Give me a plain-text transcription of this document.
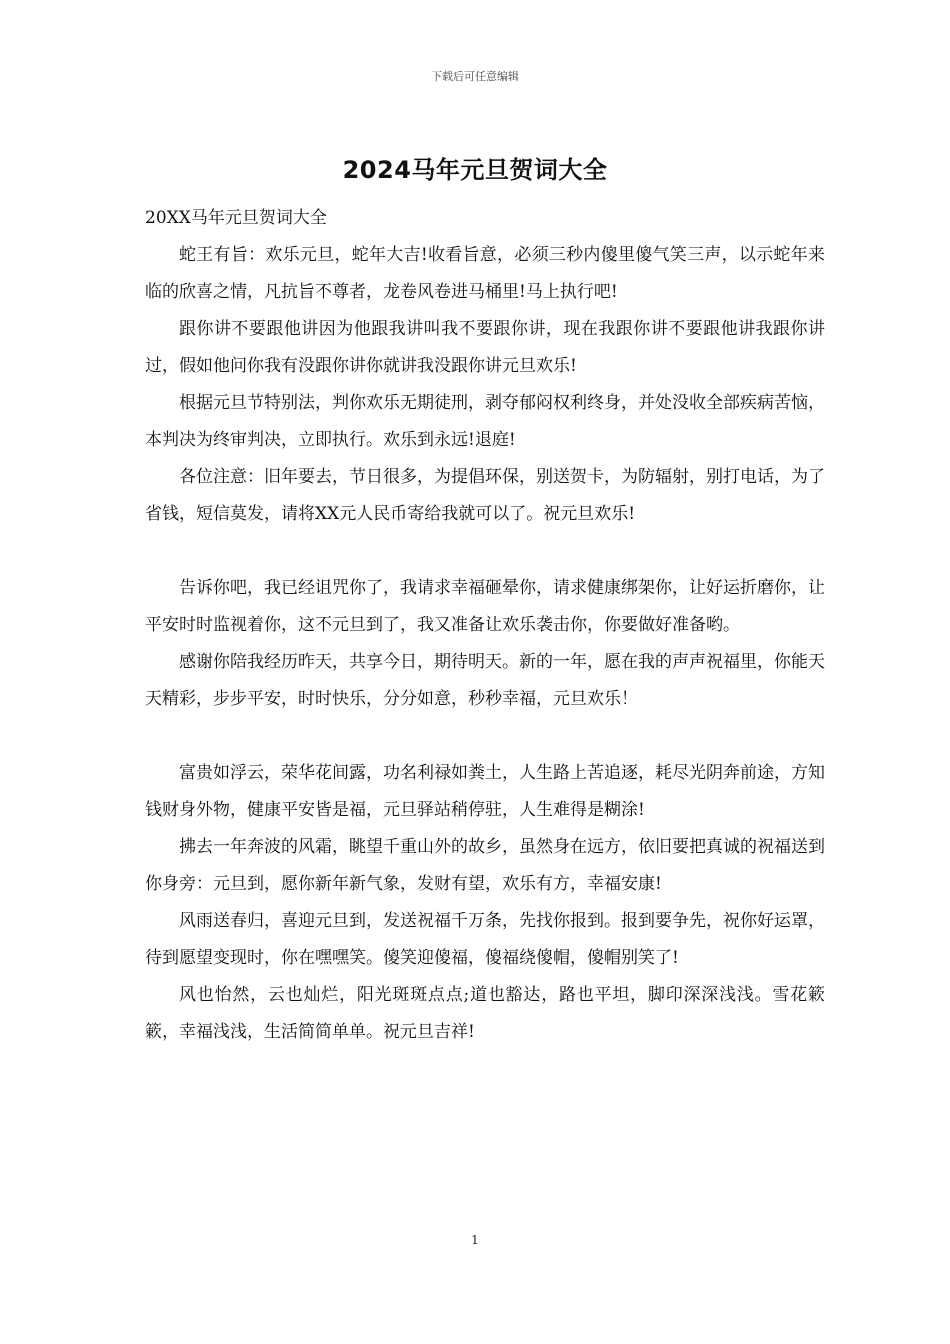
下载后可任意编辑
2024马年元旦贺词大全

20XX马年元旦贺词大全

蛇王有旨：欢乐元旦，蛇年大吉!收看旨意，必须三秒内傻里傻气笑三声，以示蛇年来临的欣喜之情，凡抗旨不尊者，龙卷风卷进马桶里!马上执行吧!

跟你讲不要跟他讲因为他跟我讲叫我不要跟你讲，现在我跟你讲不要跟他讲我跟你讲过，假如他问你我有没跟你讲你就讲我没跟你讲元旦欢乐!

根据元旦节特别法，判你欢乐无期徒刑，剥夺郁闷权利终身，并处没收全部疾病苦恼，本判决为终审判决，立即执行。欢乐到永远!退庭!

各位注意：旧年要去，节日很多，为提倡环保，别送贺卡，为防辐射，别打电话，为了省钱，短信莫发，请将XX元人民币寄给我就可以了。祝元旦欢乐!

告诉你吧，我已经诅咒你了，我请求幸福砸晕你，请求健康绑架你，让好运折磨你，让平安时时监视着你，这不元旦到了，我又准备让欢乐袭击你，你要做好准备哟。

感谢你陪我经历昨天，共享今日，期待明天。新的一年，愿在我的声声祝福里，你能天天精彩，步步平安，时时快乐，分分如意，秒秒幸福，元旦欢乐！

富贵如浮云，荣华花间露，功名利禄如粪土，人生路上苦追逐，耗尽光阴奔前途，方知钱财身外物，健康平安皆是福，元旦驿站稍停驻，人生难得是糊涂!

拂去一年奔波的风霜，眺望千重山外的故乡，虽然身在远方，依旧要把真诚的祝福送到你身旁：元旦到，愿你新年新气象，发财有望，欢乐有方，幸福安康!

风雨送春归，喜迎元旦到，发送祝福千万条，先找你报到。报到要争先，祝你好运罩，待到愿望变现时，你在嘿嘿笑。傻笑迎傻福，傻福绕傻帽，傻帽别笑了!

风也怡然，云也灿烂，阳光斑斑点点;道也豁达，路也平坦，脚印深深浅浅。雪花簌簌，幸福浅浅，生活简简单单。祝元旦吉祥!

1
